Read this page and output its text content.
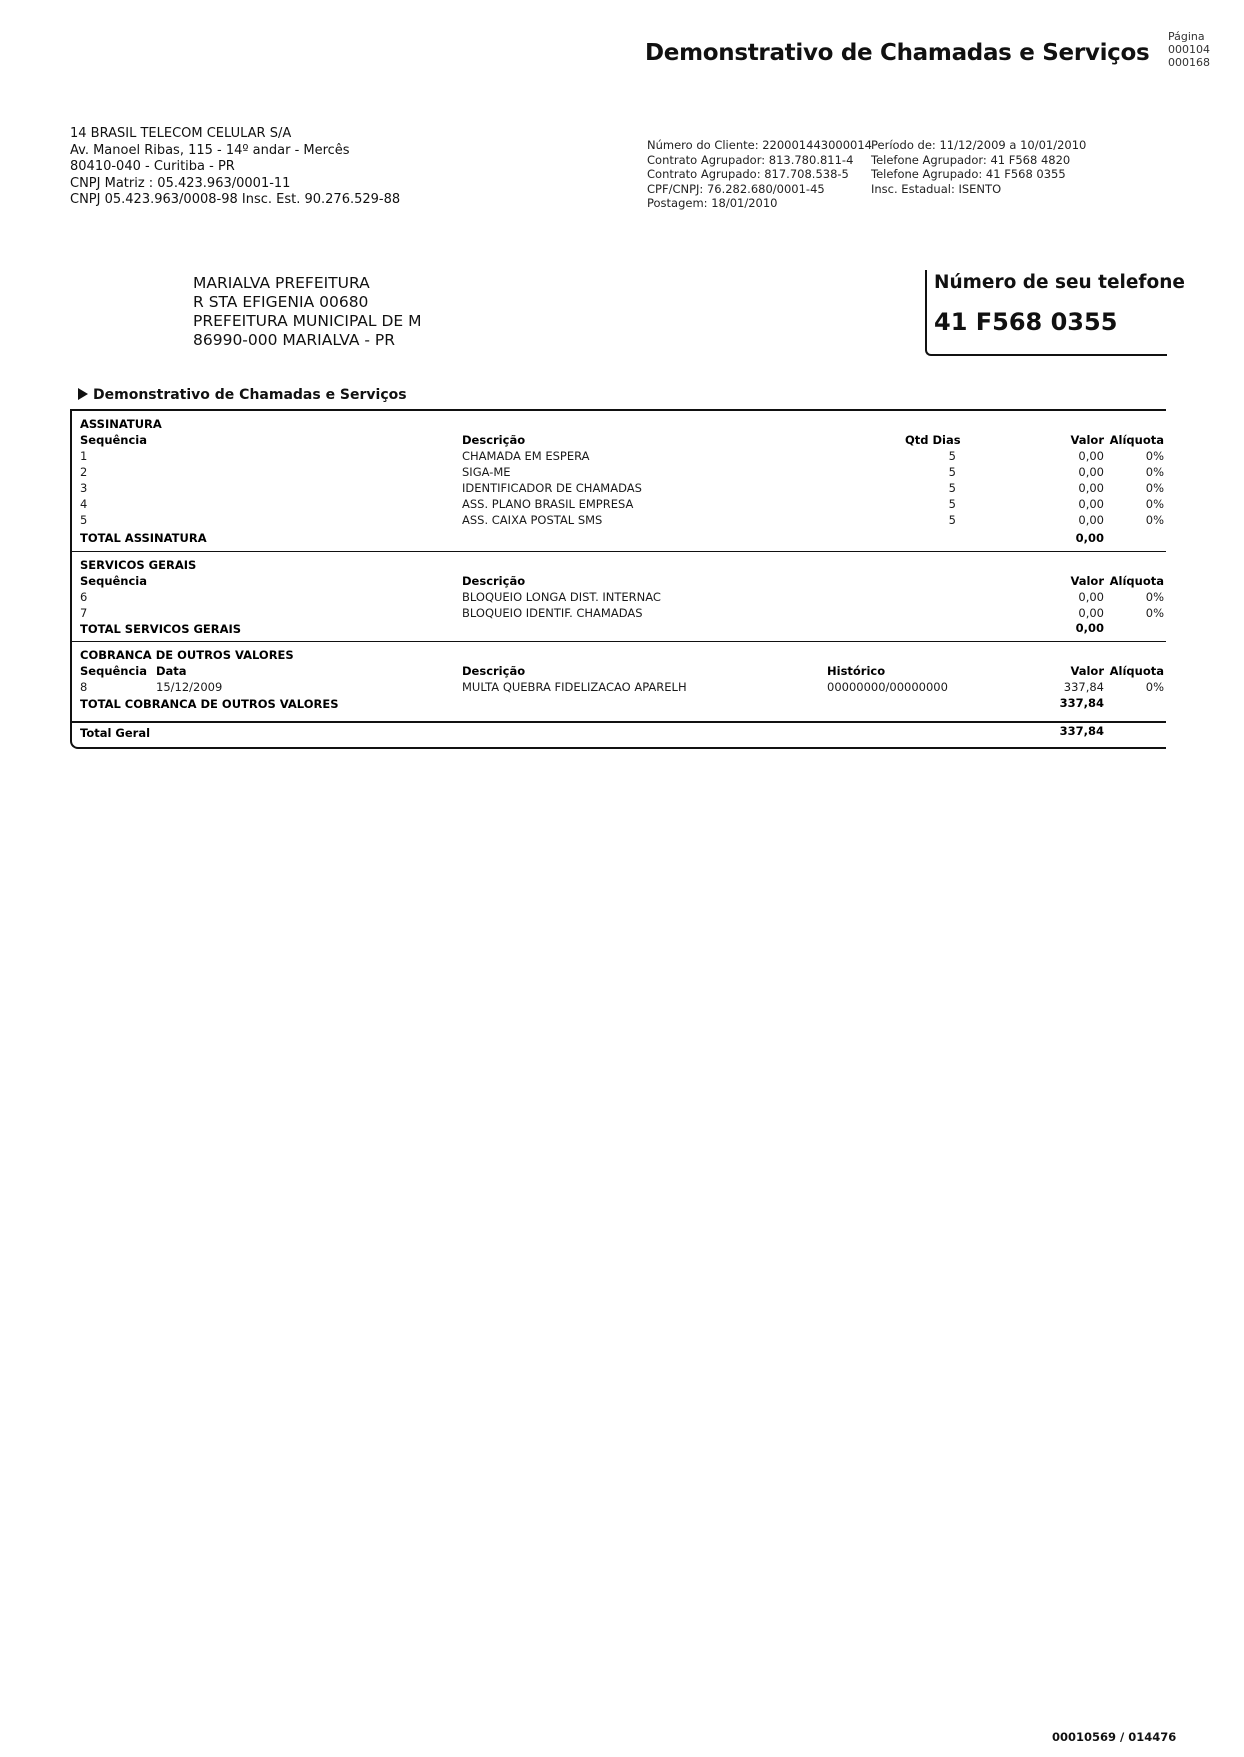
Demonstrativo de Chamadas e Serviços
Página
000104
000168
14 BRASIL TELECOM CELULAR S/A
Av. Manoel Ribas, 115 - 14º andar - Mercês
80410-040 - Curitiba - PR
CNPJ Matriz : 05.423.963/0001-11
CNPJ 05.423.963/0008-98 Insc. Est. 90.276.529-88
Número do Cliente: 220001443000014
Contrato Agrupador: 813.780.811-4
Contrato Agrupado: 817.708.538-5
CPF/CNPJ: 76.282.680/0001-45
Postagem: 18/01/2010
Período de: 11/12/2009 a 10/01/2010
Telefone Agrupador: 41 F568 4820
Telefone Agrupado: 41 F568 0355
Insc. Estadual: ISENTO
MARIALVA PREFEITURA
R STA EFIGENIA 00680
PREFEITURA MUNICIPAL DE M
86990-000 MARIALVA - PR
Número de seu telefone
41 F568 0355
Demonstrativo de Chamadas e Serviços
ASSINATURA
Sequência	Descrição	Qtd Dias	Valor Alíquota
1	CHAMADA EM ESPERA	5	0,00	0%
2	SIGA-ME	5	0,00	0%
3	IDENTIFICADOR DE CHAMADAS	5	0,00	0%
4	ASS. PLANO BRASIL EMPRESA	5	0,00	0%
5	ASS. CAIXA POSTAL SMS	5	0,00	0%
TOTAL ASSINATURA	0,00
SERVICOS GERAIS
Sequência	Descrição	Valor Alíquota
6	BLOQUEIO LONGA DIST. INTERNAC	0,00	0%
7	BLOQUEIO IDENTIF. CHAMADAS	0,00	0%
TOTAL SERVICOS GERAIS	0,00
COBRANCA DE OUTROS VALORES
Sequência Data	Descrição	Histórico	Valor Alíquota
8	15/12/2009	MULTA QUEBRA FIDELIZACAO APARELH	00000000/00000000	337,84	0%
TOTAL COBRANCA DE OUTROS VALORES	337,84
Total Geral	337,84
00010569 / 014476
